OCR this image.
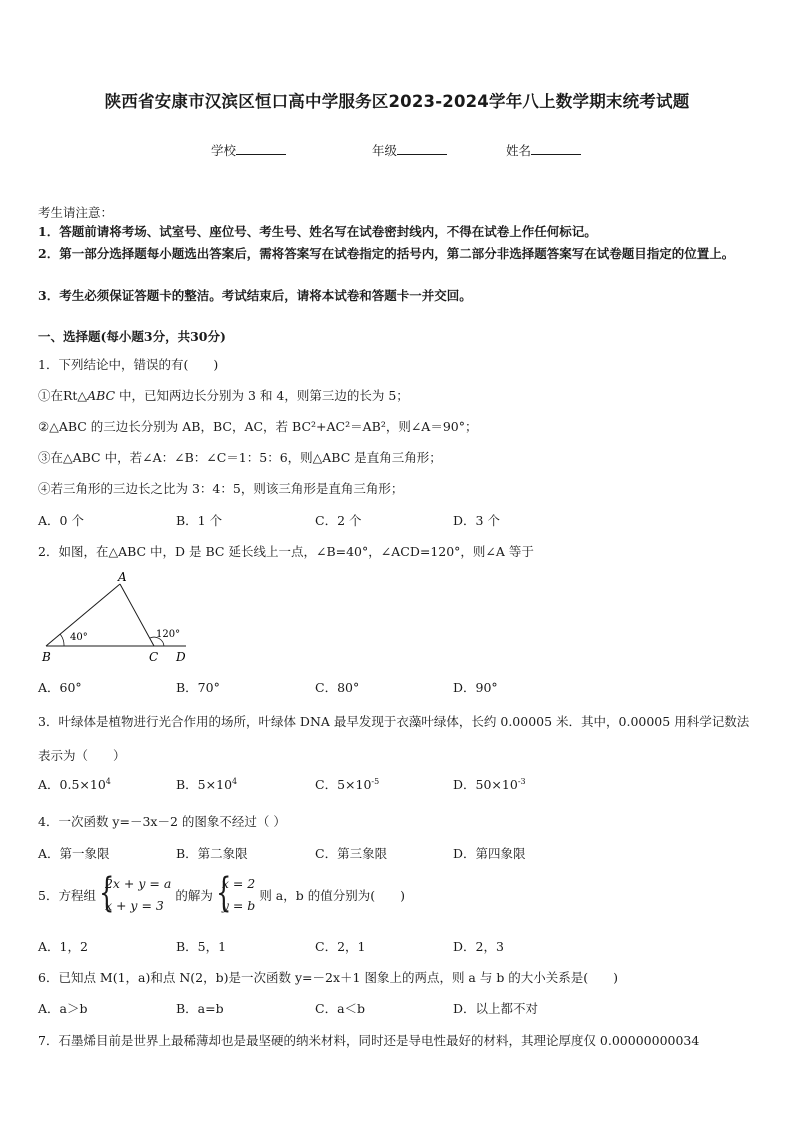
陕西省安康市汉滨区恒口高中学服务区2023-2024学年八上数学期末统考试题
学校	年级	姓名
考生请注意：
1．答题前请将考场、试室号、座位号、考生号、姓名写在试卷密封线内，不得在试卷上作任何标记。
2．第一部分选择题每小题选出答案后，需将答案写在试卷指定的括号内，第二部分非选择题答案写在试卷题目指定的位置上。
3．考生必须保证答题卡的整洁。考试结束后，请将本试卷和答题卡一并交回。
一、选择题(每小题3分，共30分)
1．下列结论中，错误的有(　　)
①在Rt△ABC 中，已知两边长分别为 3 和 4，则第三边的长为 5；
②△ABC 的三边长分别为 AB，BC，AC，若 BC²+AC²＝AB²，则∠A＝90°；
③在△ABC 中，若∠A：∠B：∠C＝1：5：6，则△ABC 是直角三角形；
④若三角形的三边长之比为 3：4：5，则该三角形是直角三角形；
A．0 个	B．1 个	C．2 个	D．3 个
2．如图，在△ABC 中，D 是 BC 延长线上一点，∠B=40°，∠ACD=120°，则∠A 等于
A
B	C D
40°	120°
A．60°	B．70°	C．80°	D．90°
3．叶绿体是植物进行光合作用的场所，叶绿体 DNA 最早发现于衣藻叶绿体，长约 0.00005 米．其中，0.00005 用科学记数法表示为（　　）
A．$0.5\times 10^4$	B．$5\times 10^4$	C．$5\times 10^{-5}$	D．$50\times 10^{-3}$
4．一次函数 y=－3x－2 的图象不经过（ ）
A．第一象限	B．第二象限	C．第三象限	D．第四象限
5．方程组
{ 2x + y = a
x + y = 3
的解为
{ x = 2
y = b
则 a，b 的值分别为(　　)
A．1，2	B．5，1	C．2，1	D．2，3
6．已知点 M(1，a)和点 N(2，b)是一次函数 y=－2x＋1 图象上的两点，则 a 与 b 的大小关系是(　　)
A．a＞b	B．a=b	C．a＜b	D．以上都不对
7．石墨烯目前是世界上最稀薄却也是最坚硬的纳米材料，同时还是导电性最好的材料，其理论厚度仅 0.00000000034
